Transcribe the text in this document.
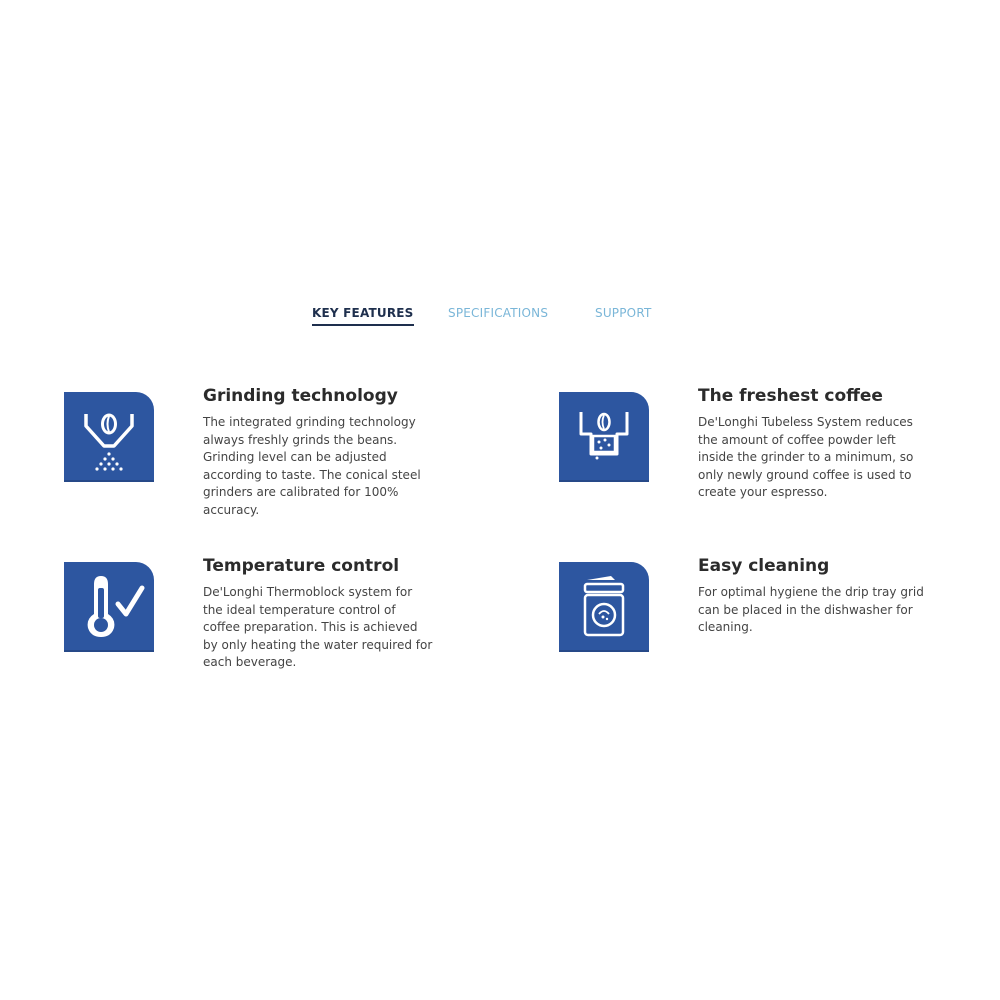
KEY FEATURES	SPECIFICATIONS	SUPPORT
Grinding technology

The integrated grinding technology always freshly grinds the beans. Grinding level can be adjusted according to taste. The conical steel grinders are calibrated for 100% accuracy.

The freshest coffee

De'Longhi Tubeless System reduces the amount of coffee powder left inside the grinder to a minimum, so only newly ground coffee is used to create your espresso.

Temperature control

De'Longhi Thermoblock system for the ideal temperature control of coffee preparation. This is achieved by only heating the water required for each beverage.

Easy cleaning

For optimal hygiene the drip tray grid can be placed in the dishwasher for cleaning.
